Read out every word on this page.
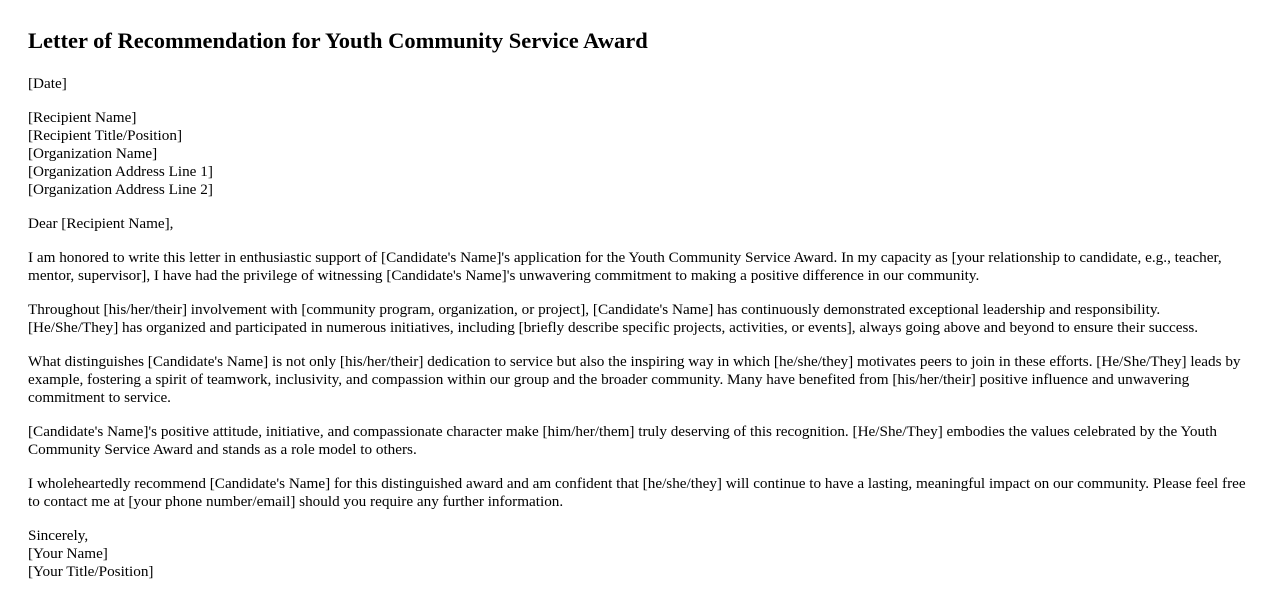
Letter of Recommendation for Youth Community Service Award

[Date]

[Recipient Name]
[Recipient Title/Position]
[Organization Name]
[Organization Address Line 1]
[Organization Address Line 2]

Dear [Recipient Name],

I am honored to write this letter in enthusiastic support of [Candidate's Name]'s application for the Youth Community Service Award. In my capacity as [your relationship to candidate, e.g., teacher, mentor, supervisor], I have had the privilege of witnessing [Candidate's Name]'s unwavering commitment to making a positive difference in our community.

Throughout [his/her/their] involvement with [community program, organization, or project], [Candidate's Name] has continuously demonstrated exceptional leadership and responsibility. [He/She/They] has organized and participated in numerous initiatives, including [briefly describe specific projects, activities, or events], always going above and beyond to ensure their success.

What distinguishes [Candidate's Name] is not only [his/her/their] dedication to service but also the inspiring way in which [he/she/they] motivates peers to join in these efforts. [He/She/They] leads by example, fostering a spirit of teamwork, inclusivity, and compassion within our group and the broader community. Many have benefited from [his/her/their] positive influence and unwavering commitment to service.

[Candidate's Name]'s positive attitude, initiative, and compassionate character make [him/her/them] truly deserving of this recognition. [He/She/They] embodies the values celebrated by the Youth Community Service Award and stands as a role model to others.

I wholeheartedly recommend [Candidate's Name] for this distinguished award and am confident that [he/she/they] will continue to have a lasting, meaningful impact on our community. Please feel free to contact me at [your phone number/email] should you require any further information.

Sincerely,
[Your Name]
[Your Title/Position]
